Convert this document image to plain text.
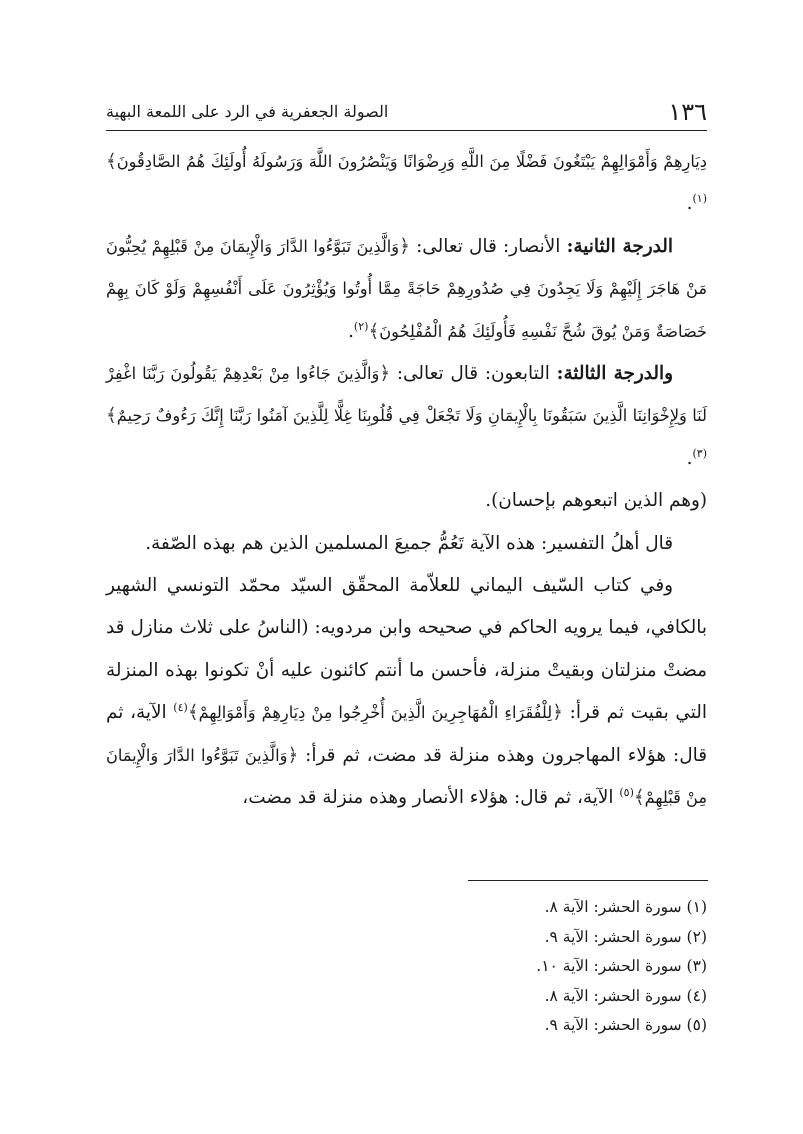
١٣٦
الصولة الجعفرية في الرد على اللمعة البهية

دِيَارِهِمْ وَأَمْوَالِهِمْ يَبْتَغُونَ فَضْلًا مِنَ اللَّهِ وَرِضْوَانًا وَيَنْصُرُونَ اللَّهَ وَرَسُولَهُ أُولَئِكَ هُمُ الصَّادِقُونَ﴾$^{(١)}$.

الدرجة الثانية: الأنصار: قال تعالى: ﴿وَالَّذِينَ تَبَوَّءُوا الدَّارَ وَالْإِيمَانَ مِنْ قَبْلِهِمْ يُحِبُّونَ مَنْ هَاجَرَ إِلَيْهِمْ وَلَا يَجِدُونَ فِي صُدُورِهِمْ حَاجَةً مِمَّا أُوتُوا وَيُؤْثِرُونَ عَلَى أَنْفُسِهِمْ وَلَوْ كَانَ بِهِمْ خَصَاصَةٌ وَمَنْ يُوقَ شُحَّ نَفْسِهِ فَأُولَئِكَ هُمُ الْمُفْلِحُونَ﴾$^{(٢)}$.

والدرجة الثالثة: التابعون: قال تعالى: ﴿وَالَّذِينَ جَاءُوا مِنْ بَعْدِهِمْ يَقُولُونَ رَبَّنَا اغْفِرْ لَنَا وَلِإِخْوَانِنَا الَّذِينَ سَبَقُونَا بِالْإِيمَانِ وَلَا تَجْعَلْ فِي قُلُوبِنَا غِلًّا لِلَّذِينَ آمَنُوا رَبَّنَا إِنَّكَ رَءُوفٌ رَحِيمٌ﴾$^{(٣)}$.

(وهم الذين اتبعوهم بإحسان).

قال أهلُ التفسير: هذه الآية تَعُمُّ جميعَ المسلمين الذين هم بهذه الصّفة.

وفي كتاب السّيف اليماني للعلاّمة المحقّق السيّد محمّد التونسي الشهير بالكافي، فيما يرويه الحاكم في صحيحه وابن مردويه: (الناسُ على ثلاث منازل قد مضتْ منزلتان وبقيتْ منزلة، فأحسن ما أنتم كائنون عليه أنْ تكونوا بهذه المنزلة التي بقيت ثم قرأ: ﴿لِلْفُقَرَاءِ الْمُهَاجِرِينَ الَّذِينَ أُخْرِجُوا مِنْ دِيَارِهِمْ وَأَمْوَالِهِمْ﴾$^{(٤)}$ الآية، ثم قال: هؤلاء المهاجرون وهذه منزلة قد مضت، ثم قرأ: ﴿وَالَّذِينَ تَبَوَّءُوا الدَّارَ وَالْإِيمَانَ مِنْ قَبْلِهِمْ﴾$^{(٥)}$ الآية، ثم قال: هؤلاء الأنصار وهذه منزلة قد مضت،

(١) سورة الحشر: الآية ٨.
(٢) سورة الحشر: الآية ٩.
(٣) سورة الحشر: الآية ١٠.
(٤) سورة الحشر: الآية ٨.
(٥) سورة الحشر: الآية ٩.
